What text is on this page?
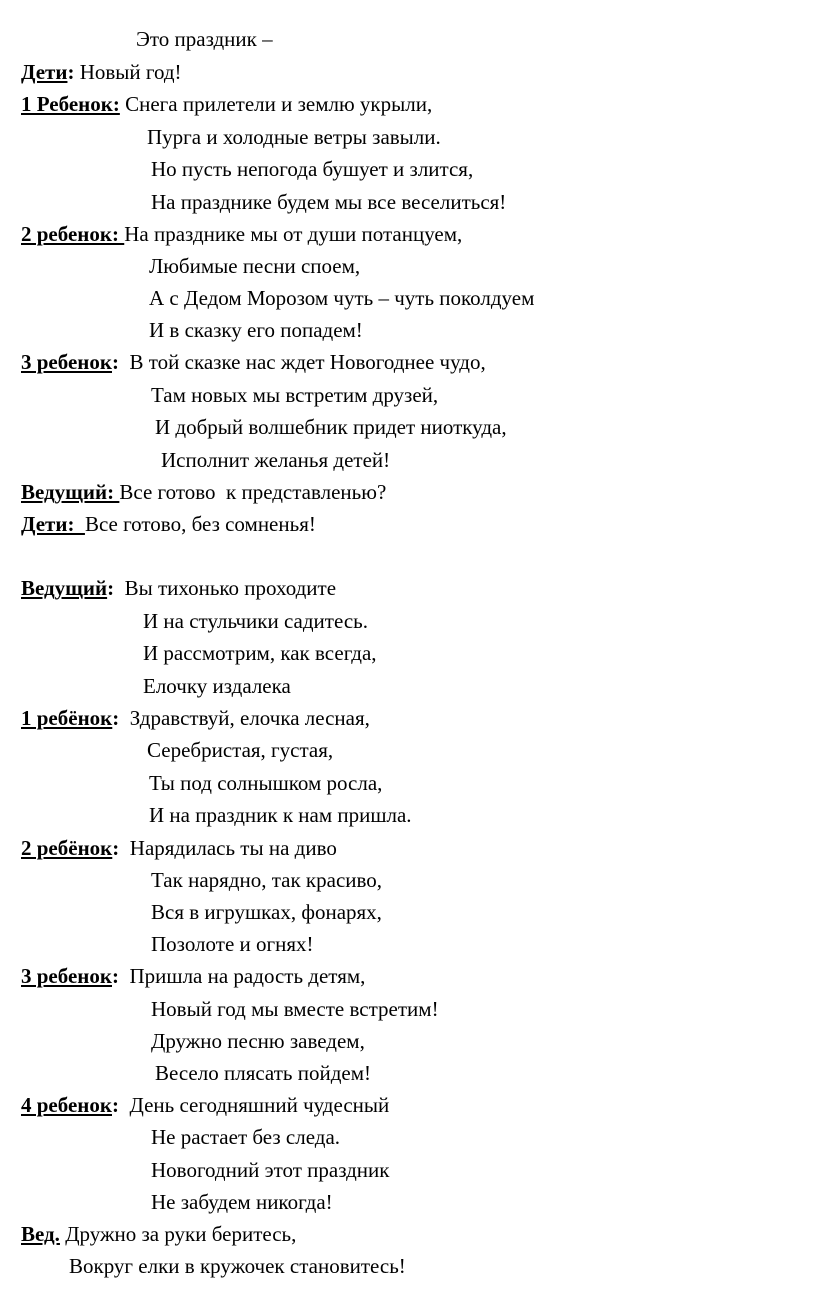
Это праздник –

Дети: Новый год!

1 Ребенок: Снега прилетели и землю укрыли,

Пурга и холодные ветры завыли.

Но пусть непогода бушует и злится,

На празднике будем мы все веселиться!

2 ребенок: На празднике мы от души потанцуем,

Любимые песни споем,

А с Дедом Морозом чуть – чуть поколдуем

И в сказку его попадем!

3 ребенок:  В той сказке нас ждет Новогоднее чудо,

Там новых мы встретим друзей,

И добрый волшебник придет ниоткуда,

Исполнит желанья детей!

Ведущий: Все готово  к представленью?

Дети:  Все готово, без сомненья!

Ведущий:  Вы тихонько проходите

И на стульчики садитесь.

И рассмотрим, как всегда,

Елочку издалека

1 ребёнок:  Здравствуй, елочка лесная,

Серебристая, густая,

Ты под солнышком росла,

И на праздник к нам пришла.

2 ребёнок:  Нарядилась ты на диво

Так нарядно, так красиво,

Вся в игрушках, фонарях,

Позолоте и огнях!

3 ребенок:  Пришла на радость детям,

Новый год мы вместе встретим!

Дружно песню заведем,

Весело плясать пойдем!

4 ребенок:  День сегодняшний чудесный

Не растает без следа.

Новогодний этот праздник

Не забудем никогда!

Вед. Дружно за руки беритесь,

Вокруг елки в кружочек становитесь!
